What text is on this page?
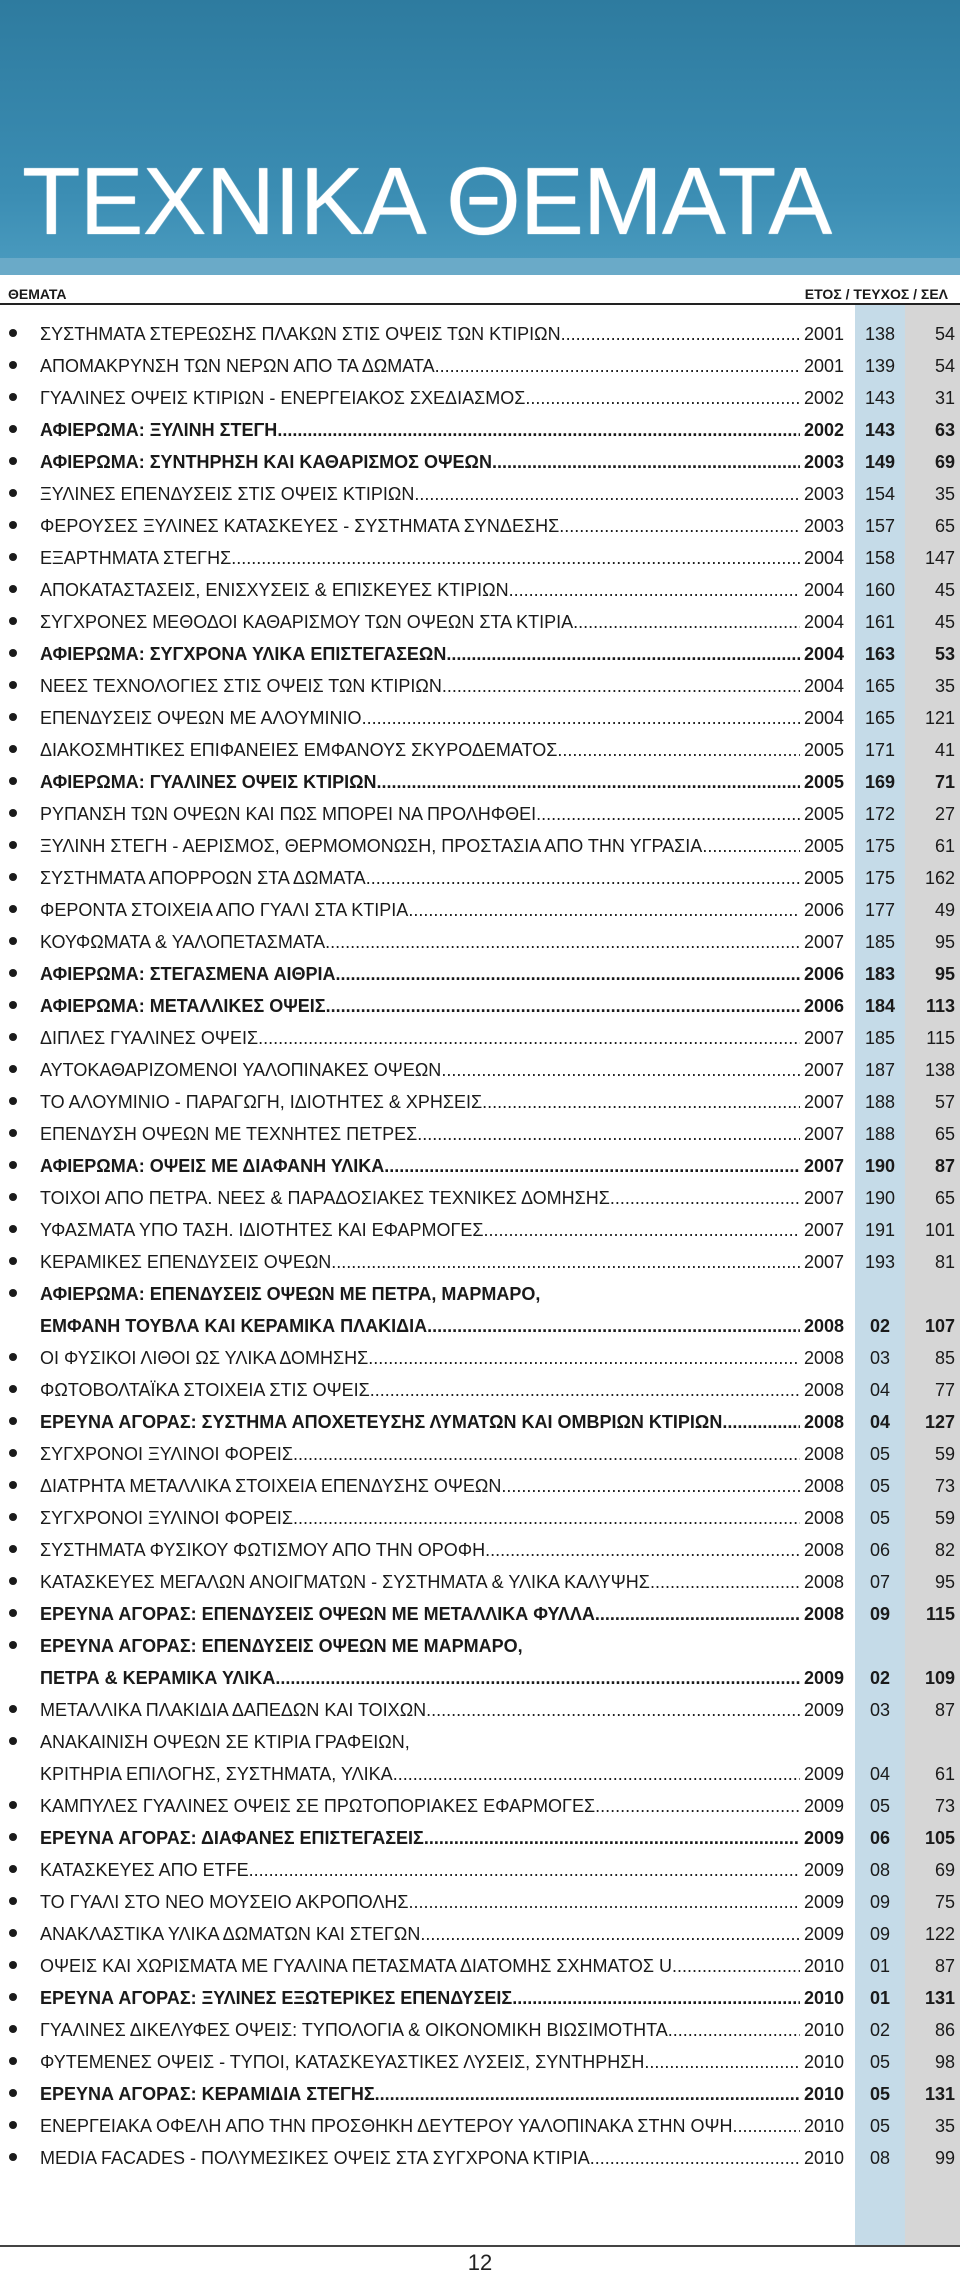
ΤΕΧΝΙΚΑ ΘΕΜΑΤΑ
ΘΕΜΑΤΑ	ΕΤΟΣ / ΤΕΥΧΟΣ / ΣΕΛ
ΣΥΣΤΗΜΑΤΑ ΣΤΕΡΕΩΣΗΣ ΠΛΑΚΩΝ ΣΤΙΣ ΟΨΕΙΣ ΤΩΝ ΚΤΙΡΙΩΝ .....	2001	138	54
ΑΠΟΜΑΚΡΥΝΣΗ ΤΩΝ ΝΕΡΩΝ ΑΠΟ ΤΑ ΔΩΜΑΤΑ .....	2001	139	54
ΓΥΑΛΙΝΕΣ ΟΨΕΙΣ ΚΤΙΡΙΩΝ - ΕΝΕΡΓΕΙΑΚΟΣ ΣΧΕΔΙΑΣΜΟΣ .....	2002	143	31
ΑΦΙΕΡΩΜΑ: ΞΥΛΙΝΗ ΣΤΕΓΗ .....	2002	143	63
ΑΦΙΕΡΩΜΑ: ΣΥΝΤΗΡΗΣΗ ΚΑΙ ΚΑΘΑΡΙΣΜΟΣ ΟΨΕΩΝ .....	2003	149	69
ΞΥΛΙΝΕΣ ΕΠΕΝΔΥΣΕΙΣ ΣΤΙΣ ΟΨΕΙΣ ΚΤΙΡΙΩΝ .....	2003	154	35
ΦΕΡΟΥΣΕΣ ΞΥΛΙΝΕΣ ΚΑΤΑΣΚΕΥΕΣ - ΣΥΣΤΗΜΑΤΑ ΣΥΝΔΕΣΗΣ .....	2003	157	65
ΕΞΑΡΤΗΜΑΤΑ ΣΤΕΓΗΣ .....	2004	158	147
ΑΠΟΚΑΤΑΣΤΑΣΕΙΣ, ΕΝΙΣΧΥΣΕΙΣ & ΕΠΙΣΚΕΥΕΣ ΚΤΙΡΙΩΝ .....	2004	160	45
ΣΥΓΧΡΟΝΕΣ ΜΕΘΟΔΟΙ ΚΑΘΑΡΙΣΜΟΥ ΤΩΝ ΟΨΕΩΝ ΣΤΑ ΚΤΙΡΙΑ .....	2004	161	45
ΑΦΙΕΡΩΜΑ: ΣΥΓΧΡΟΝΑ ΥΛΙΚΑ ΕΠΙΣΤΕΓΑΣΕΩΝ .....	2004	163	53
ΝΕΕΣ ΤΕΧΝΟΛΟΓΙΕΣ ΣΤΙΣ ΟΨΕΙΣ ΤΩΝ ΚΤΙΡΙΩΝ .....	2004	165	35
ΕΠΕΝΔΥΣΕΙΣ ΟΨΕΩΝ ΜΕ ΑΛΟΥΜΙΝΙΟ .....	2004	165	121
ΔΙΑΚΟΣΜΗΤΙΚΕΣ ΕΠΙΦΑΝΕΙΕΣ ΕΜΦΑΝΟΥΣ ΣΚΥΡΟΔΕΜΑΤΟΣ .....	2005	171	41
ΑΦΙΕΡΩΜΑ: ΓΥΑΛΙΝΕΣ ΟΨΕΙΣ ΚΤΙΡΙΩΝ .....	2005	169	71
ΡΥΠΑΝΣΗ ΤΩΝ ΟΨΕΩΝ ΚΑΙ ΠΩΣ ΜΠΟΡΕΙ ΝΑ ΠΡΟΛΗΦΘΕΙ .....	2005	172	27
ΞΥΛΙΝΗ ΣΤΕΓΗ - ΑΕΡΙΣΜΟΣ, ΘΕΡΜΟΜΟΝΩΣΗ, ΠΡΟΣΤΑΣΙΑ ΑΠΟ ΤΗΝ ΥΓΡΑΣΙΑ .....	2005	175	61
ΣΥΣΤΗΜΑΤΑ ΑΠΟΡΡΟΩΝ ΣΤΑ ΔΩΜΑΤΑ .....	2005	175	162
ΦΕΡΟΝΤΑ ΣΤΟΙΧΕΙΑ ΑΠΟ ΓΥΑΛΙ ΣΤΑ ΚΤΙΡΙΑ .....	2006	177	49
ΚΟΥΦΩΜΑΤΑ & ΥΑΛΟΠΕΤΑΣΜΑΤΑ .....	2007	185	95
ΑΦΙΕΡΩΜΑ: ΣΤΕΓΑΣΜΕΝΑ ΑΙΘΡΙΑ .....	2006	183	95
ΑΦΙΕΡΩΜΑ: ΜΕΤΑΛΛΙΚΕΣ ΟΨΕΙΣ .....	2006	184	113
ΔΙΠΛΕΣ ΓΥΑΛΙΝΕΣ ΟΨΕΙΣ .....	2007	185	115
ΑΥΤΟΚΑΘΑΡΙΖΟΜΕΝΟΙ ΥΑΛΟΠΙΝΑΚΕΣ ΟΨΕΩΝ .....	2007	187	138
ΤΟ ΑΛΟΥΜΙΝΙΟ - ΠΑΡΑΓΩΓΗ, ΙΔΙΟΤΗΤΕΣ & ΧΡΗΣΕΙΣ .....	2007	188	57
ΕΠΕΝΔΥΣΗ ΟΨΕΩΝ ΜΕ ΤΕΧΝΗΤΕΣ ΠΕΤΡΕΣ .....	2007	188	65
ΑΦΙΕΡΩΜΑ: ΟΨΕΙΣ ΜΕ ΔΙΑΦΑΝΗ ΥΛΙΚΑ .....	2007	190	87
ΤΟΙΧΟΙ ΑΠΟ ΠΕΤΡΑ. ΝΕΕΣ & ΠΑΡΑΔΟΣΙΑΚΕΣ ΤΕΧΝΙΚΕΣ ΔΟΜΗΣΗΣ .....	2007	190	65
ΥΦΑΣΜΑΤΑ ΥΠΟ ΤΑΣΗ. ΙΔΙΟΤΗΤΕΣ ΚΑΙ ΕΦΑΡΜΟΓΕΣ .....	2007	191	101
ΚΕΡΑΜΙΚΕΣ ΕΠΕΝΔΥΣΕΙΣ ΟΨΕΩΝ .....	2007	193	81
ΑΦΙΕΡΩΜΑ: ΕΠΕΝΔΥΣΕΙΣ ΟΨΕΩΝ ΜΕ ΠΕΤΡΑ, ΜΑΡΜΑΡΟ,
ΕΜΦΑΝΗ ΤΟΥΒΛΑ ΚΑΙ ΚΕΡΑΜΙΚΑ ΠΛΑΚΙΔΙΑ .....	2008	02	107
ΟΙ ΦΥΣΙΚΟΙ ΛΙΘΟΙ ΩΣ ΥΛΙΚΑ ΔΟΜΗΣΗΣ .....	2008	03	85
ΦΩΤΟΒΟΛΤΑΪΚΑ ΣΤΟΙΧΕΙΑ ΣΤΙΣ ΟΨΕΙΣ .....	2008	04	77
ΕΡΕΥΝΑ ΑΓΟΡΑΣ: ΣΥΣΤΗΜΑ ΑΠΟΧΕΤΕΥΣΗΣ ΛΥΜΑΤΩΝ ΚΑΙ ΟΜΒΡΙΩΝ ΚΤΙΡΙΩΝ .....	2008	04	127
ΣΥΓΧΡΟΝΟΙ ΞΥΛΙΝΟΙ ΦΟΡΕΙΣ .....	2008	05	59
ΔΙΑΤΡΗΤΑ ΜΕΤΑΛΛΙΚΑ ΣΤΟΙΧΕΙΑ ΕΠΕΝΔΥΣΗΣ ΟΨΕΩΝ .....	2008	05	73
ΣΥΓΧΡΟΝΟΙ ΞΥΛΙΝΟΙ ΦΟΡΕΙΣ .....	2008	05	59
ΣΥΣΤΗΜΑΤΑ ΦΥΣΙΚΟΥ ΦΩΤΙΣΜΟΥ ΑΠΟ ΤΗΝ ΟΡΟΦΗ .....	2008	06	82
ΚΑΤΑΣΚΕΥΕΣ ΜΕΓΑΛΩΝ ΑΝΟΙΓΜΑΤΩΝ - ΣΥΣΤΗΜΑΤΑ & ΥΛΙΚΑ ΚΑΛΥΨΗΣ .....	2008	07	95
ΕΡΕΥΝΑ ΑΓΟΡΑΣ: ΕΠΕΝΔΥΣΕΙΣ ΟΨΕΩΝ ΜΕ ΜΕΤΑΛΛΙΚΑ ΦΥΛΛΑ .....	2008	09	115
ΕΡΕΥΝΑ ΑΓΟΡΑΣ: ΕΠΕΝΔΥΣΕΙΣ ΟΨΕΩΝ ΜΕ ΜΑΡΜΑΡΟ,
ΠΕΤΡΑ & ΚΕΡΑΜΙΚΑ ΥΛΙΚΑ .....	2009	02	109
ΜΕΤΑΛΛΙΚΑ ΠΛΑΚΙΔΙΑ ΔΑΠΕΔΩΝ ΚΑΙ ΤΟΙΧΩΝ .....	2009	03	87
ΑΝΑΚΑΙΝΙΣΗ ΟΨΕΩΝ ΣΕ ΚΤΙΡΙΑ ΓΡΑΦΕΙΩΝ,
ΚΡΙΤΗΡΙΑ ΕΠΙΛΟΓΗΣ, ΣΥΣΤΗΜΑΤΑ, ΥΛΙΚΑ .....	2009	04	61
ΚΑΜΠΥΛΕΣ ΓΥΑΛΙΝΕΣ ΟΨΕΙΣ ΣΕ ΠΡΩΤΟΠΟΡΙΑΚΕΣ ΕΦΑΡΜΟΓΕΣ .....	2009	05	73
ΕΡΕΥΝΑ ΑΓΟΡΑΣ: ΔΙΑΦΑΝΕΣ ΕΠΙΣΤΕΓΑΣΕΙΣ .....	2009	06	105
ΚΑΤΑΣΚΕΥΕΣ ΑΠΟ ETFE .....	2009	08	69
ΤΟ ΓΥΑΛΙ ΣΤΟ ΝΕΟ ΜΟΥΣΕΙΟ ΑΚΡΟΠΟΛΗΣ .....	2009	09	75
ΑΝΑΚΛΑΣΤΙΚΑ ΥΛΙΚΑ ΔΩΜΑΤΩΝ ΚΑΙ ΣΤΕΓΩΝ .....	2009	09	122
ΟΨΕΙΣ ΚΑΙ ΧΩΡΙΣΜΑΤΑ ΜΕ ΓΥΑΛΙΝΑ ΠΕΤΑΣΜΑΤΑ ΔΙΑΤΟΜΗΣ ΣΧΗΜΑΤΟΣ U .....	2010	01	87
ΕΡΕΥΝΑ ΑΓΟΡΑΣ: ΞΥΛΙΝΕΣ ΕΞΩΤΕΡΙΚΕΣ ΕΠΕΝΔΥΣΕΙΣ .....	2010	01	131
ΓΥΑΛΙΝΕΣ ΔΙΚΕΛΥΦΕΣ ΟΨΕΙΣ: ΤΥΠΟΛΟΓΙΑ & ΟΙΚΟΝΟΜΙΚΗ ΒΙΩΣΙΜΟΤΗΤΑ .....	2010	02	86
ΦΥΤΕΜΕΝΕΣ ΟΨΕΙΣ - ΤΥΠΟΙ, ΚΑΤΑΣΚΕΥΑΣΤΙΚΕΣ ΛΥΣΕΙΣ, ΣΥΝΤΗΡΗΣΗ .....	2010	05	98
ΕΡΕΥΝΑ ΑΓΟΡΑΣ: ΚΕΡΑΜΙΔΙΑ ΣΤΕΓΗΣ .....	2010	05	131
ΕΝΕΡΓΕΙΑΚΑ ΟΦΕΛΗ ΑΠΟ ΤΗΝ ΠΡΟΣΘΗΚΗ ΔΕΥΤΕΡΟΥ ΥΑΛΟΠΙΝΑΚΑ ΣΤΗΝ ΟΨΗ .....	2010	05	35
MEDIA FACADES - ΠΟΛΥΜΕΣΙΚΕΣ ΟΨΕΙΣ ΣΤΑ ΣΥΓΧΡΟΝΑ ΚΤΙΡΙΑ .....	2010	08	99
12
